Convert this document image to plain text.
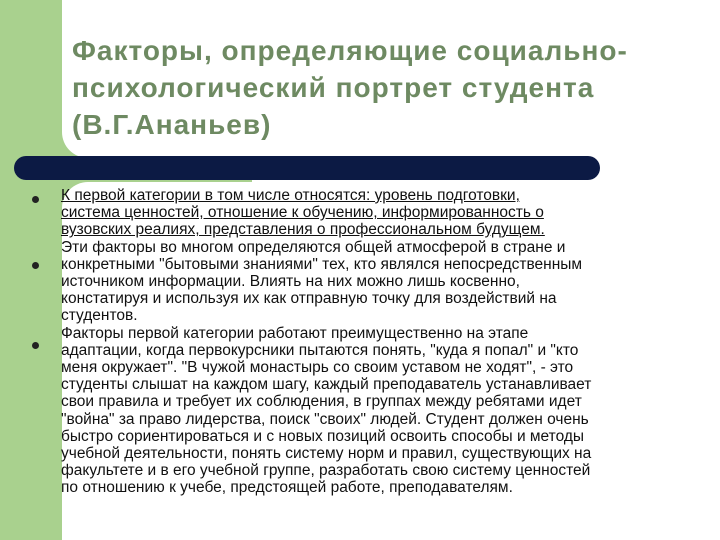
Факторы, определяющие социально-
психологический портрет студента
(В.Г.Ананьев)

К первой категории в том числе относятся: уровень подготовки,

система ценностей, отношение к обучению, информированность о

вузовских реалиях, представления о профессиональном будущем.

Эти факторы во многом определяются общей атмосферой в стране и

конкретными "бытовыми знаниями" тех, кто являлся непосредственным

источником информации. Влиять на них можно лишь косвенно,

констатируя и используя их как отправную точку для воздействий на

студентов.

Факторы первой категории работают преимущественно на этапе

адаптации, когда первокурсники пытаются понять, "куда я попал" и "кто

меня окружает". "В чужой монастырь со своим уставом не ходят", - это

студенты слышат на каждом шагу, каждый преподаватель устанавливает

свои правила и требует их соблюдения, в группах между ребятами идет

"война" за право лидерства, поиск "своих" людей. Студент должен очень

быстро сориентироваться и с новых позиций освоить способы и методы

учебной деятельности, понять систему норм и правил, существующих на

факультете и в его учебной группе, разработать свою систему ценностей

по отношению к учебе, предстоящей работе, преподавателям.
